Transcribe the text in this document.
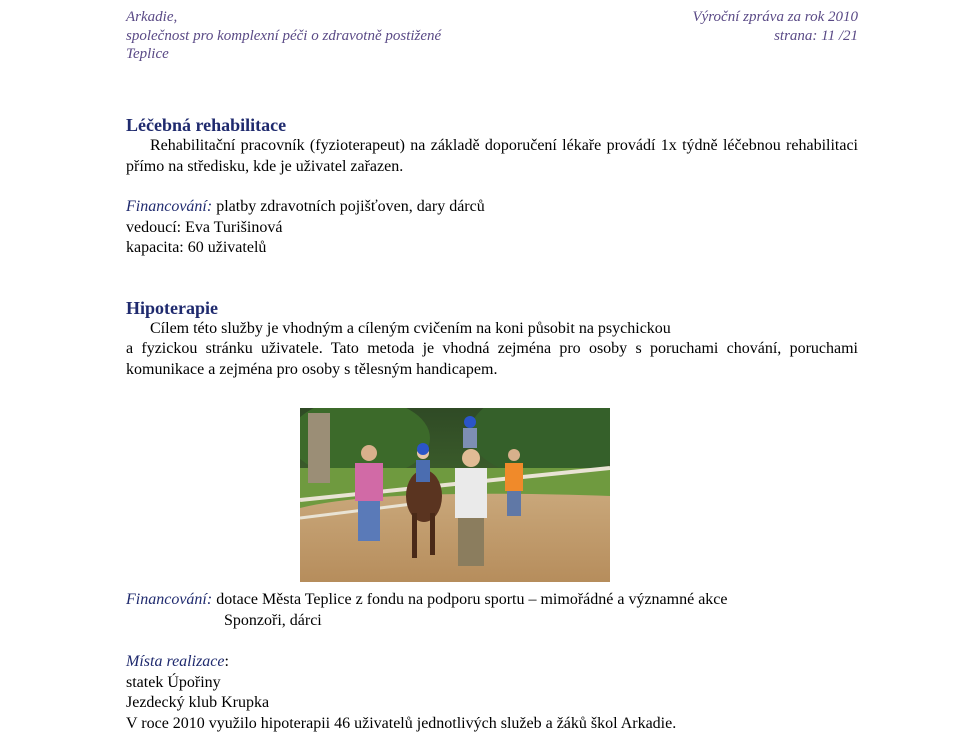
Arkadie,	Výroční zpráva za rok 2010
společnost pro komplexní péči o zdravotně postižené	strana: 11 /21
Teplice
Léčebná rehabilitace

Rehabilitační pracovník (fyzioterapeut) na základě doporučení lékaře provádí 1x týdně léčebnou rehabilitaci přímo na středisku, kde je uživatel zařazen.

Financování: platby zdravotních pojišťoven, dary dárců

vedoucí: Eva Turišinová

kapacita: 60 uživatelů

Hipoterapie

Cílem této služby je vhodným a cíleným cvičením na koni působit na psychickou

a fyzickou stránku uživatele. Tato metoda je vhodná zejména pro osoby s poruchami chování, poruchami komunikace a zejména pro osoby s tělesným handicapem.

Financování: dotace Města Teplice z fondu na podporu sportu – mimořádné a významné akce

Sponzoři, dárci

Místa realizace:

statek Úpořiny

Jezdecký klub Krupka

V roce 2010 využilo hipoterapii 46 uživatelů jednotlivých služeb a žáků škol Arkadie.
